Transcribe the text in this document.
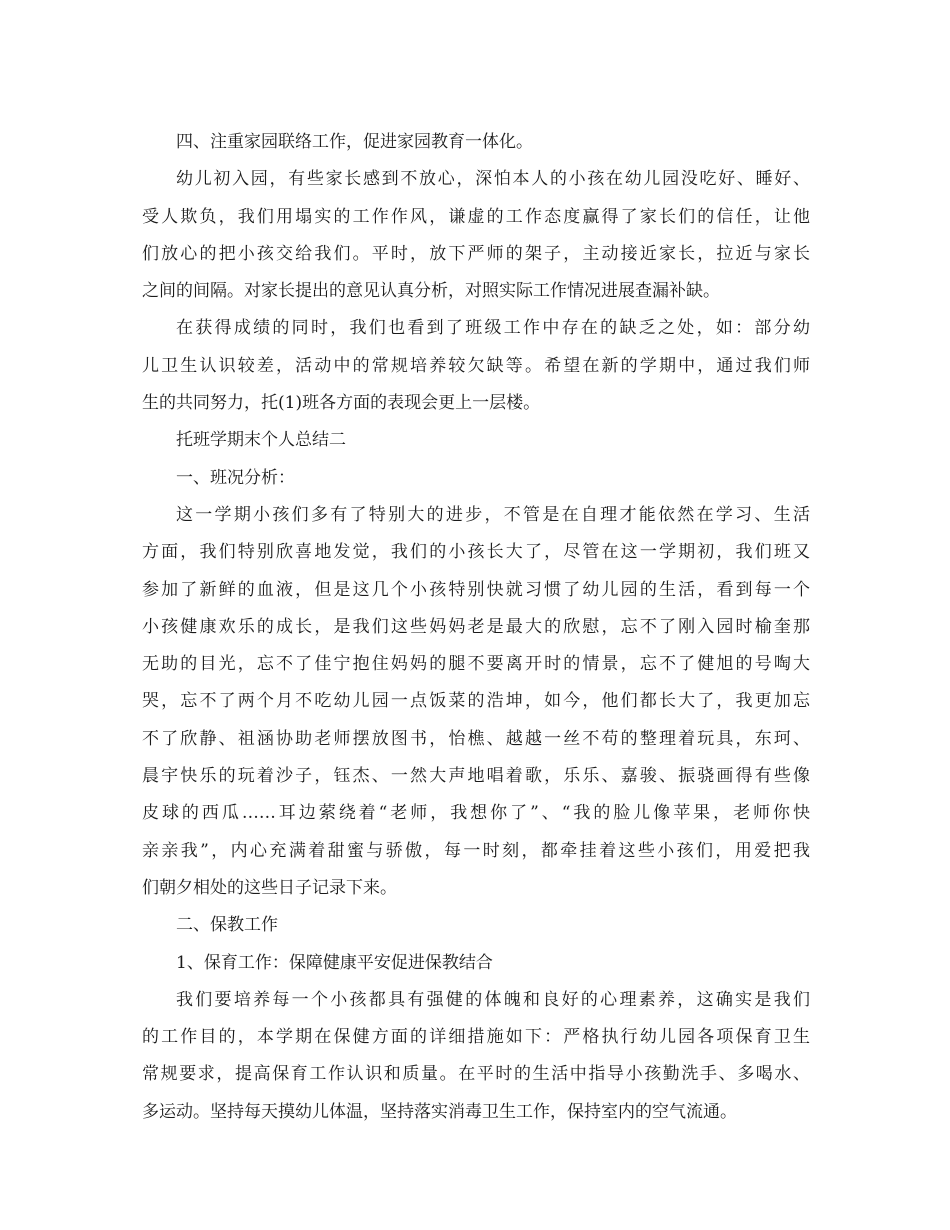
四、注重家园联络工作，促进家园教育一体化。
幼儿初入园，有些家长感到不放心，深怕本人的小孩在幼儿园没吃好、睡好、
受人欺负，我们用塌实的工作作风，谦虚的工作态度赢得了家长们的信任，让他
们放心的把小孩交给我们。平时，放下严师的架子，主动接近家长，拉近与家长
之间的间隔。对家长提出的意见认真分析，对照实际工作情况进展查漏补缺。
在获得成绩的同时，我们也看到了班级工作中存在的缺乏之处，如：部分幼
儿卫生认识较差，活动中的常规培养较欠缺等。希望在新的学期中，通过我们师
生的共同努力，托(1)班各方面的表现会更上一层楼。
托班学期末个人总结二
一、班况分析：
这一学期小孩们多有了特别大的进步，不管是在自理才能依然在学习、生活
方面，我们特别欣喜地发觉，我们的小孩长大了，尽管在这一学期初，我们班又
参加了新鲜的血液，但是这几个小孩特别快就习惯了幼儿园的生活，看到每一个
小孩健康欢乐的成长，是我们这些妈妈老是最大的欣慰，忘不了刚入园时榆奎那
无助的目光，忘不了佳宁抱住妈妈的腿不要离开时的情景，忘不了健旭的号啕大
哭，忘不了两个月不吃幼儿园一点饭菜的浩坤，如今，他们都长大了，我更加忘
不了欣静、祖涵协助老师摆放图书，怡樵、越越一丝不苟的整理着玩具，东珂、
晨宇快乐的玩着沙子，钰杰、一然大声地唱着歌，乐乐、嘉骏、振骁画得有些像
皮球的西瓜……耳边萦绕着“老师，我想你了”、“我的脸儿像苹果，老师你快
亲亲我”，内心充满着甜蜜与骄傲，每一时刻，都牵挂着这些小孩们，用爱把我
们朝夕相处的这些日子记录下来。
二、保教工作
1、保育工作：保障健康平安促进保教结合
我们要培养每一个小孩都具有强健的体魄和良好的心理素养，这确实是我们
的工作目的，本学期在保健方面的详细措施如下：严格执行幼儿园各项保育卫生
常规要求，提高保育工作认识和质量。在平时的生活中指导小孩勤洗手、多喝水、
多运动。坚持每天摸幼儿体温，坚持落实消毒卫生工作，保持室内的空气流通。
